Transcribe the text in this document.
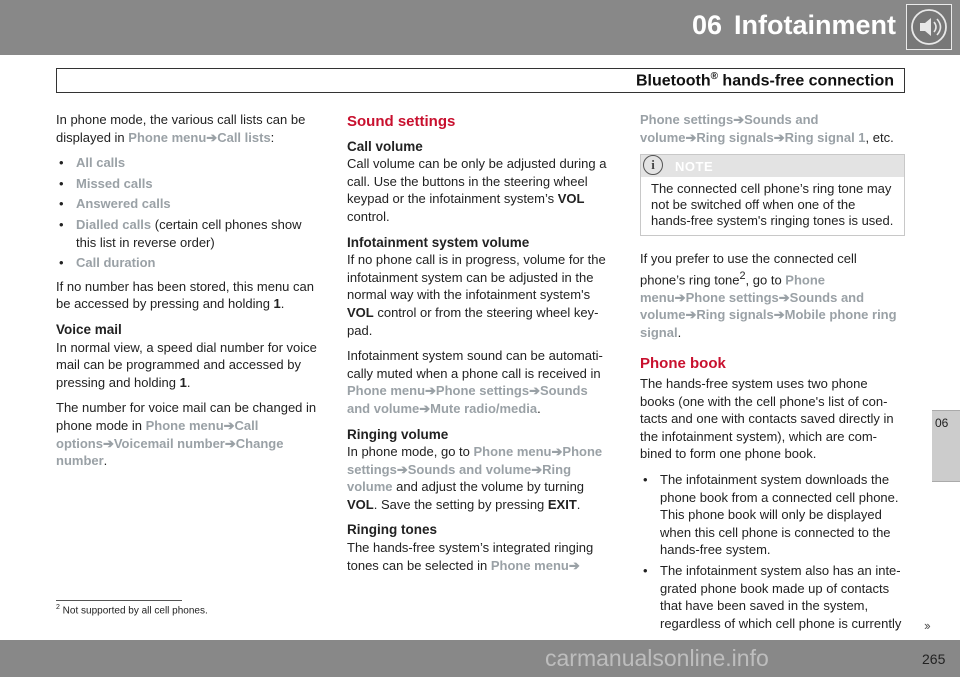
06 Infotainment
Bluetooth® hands-free connection
06

In phone mode, the various call lists can be displayed in Phone menu➔Call lists:

• All calls
• Missed calls
• Answered calls
• Dialled calls (certain cell phones show this list in reverse order)
• Call duration

If no number has been stored, this menu can be accessed by pressing and holding 1.

Voice mail

In normal view, a speed dial number for voice mail can be programmed and accessed by pressing and holding 1.

The number for voice mail can be changed in phone mode in Phone menu➔Call options➔Voicemail number➔Change number.

Sound settings
Call volume

Call volume can be only be adjusted during a call. Use the buttons in the steering wheel keypad or the infotainment system’s VOL control.

Infotainment system volume

If no phone call is in progress, volume for the infotainment system can be adjusted in the normal way with the infotainment system's VOL control or from the steering wheel key-pad.

Infotainment system sound can be automati-cally muted when a phone call is received in Phone menu➔Phone settings➔Sounds and volume➔Mute radio/media.

Ringing volume

In phone mode, go to Phone menu➔Phone settings➔Sounds and volume➔Ring volume and adjust the volume by turning VOL. Save the setting by pressing EXIT.

Ringing tones

The hands-free system’s integrated ringing tones can be selected in Phone menu➔

Phone settings➔Sounds and volume➔Ring signals➔Ring signal 1, etc.

i	NOTE
The connected cell phone’s ring tone may not be switched off when one of the hands-free system's ringing tones is used.

If you prefer to use the connected cell phone’s ring tone$^2$, go to Phone menu➔Phone settings➔Sounds and volume➔Ring signals➔Mobile phone ring signal.

Phone book

The hands-free system uses two phone books (one with the cell phone's list of con-tacts and one with contacts saved directly in the infotainment system), which are com-bined to form one phone book.

• The infotainment system downloads the phone book from a connected cell phone. This phone book will only be displayed when this cell phone is connected to the hands-free system.
• The infotainment system also has an inte-grated phone book made up of contacts that have been saved in the system, regardless of which cell phone is currently
$^2$ Not supported by all cell phones.
››
carmanualsonline.info	265
